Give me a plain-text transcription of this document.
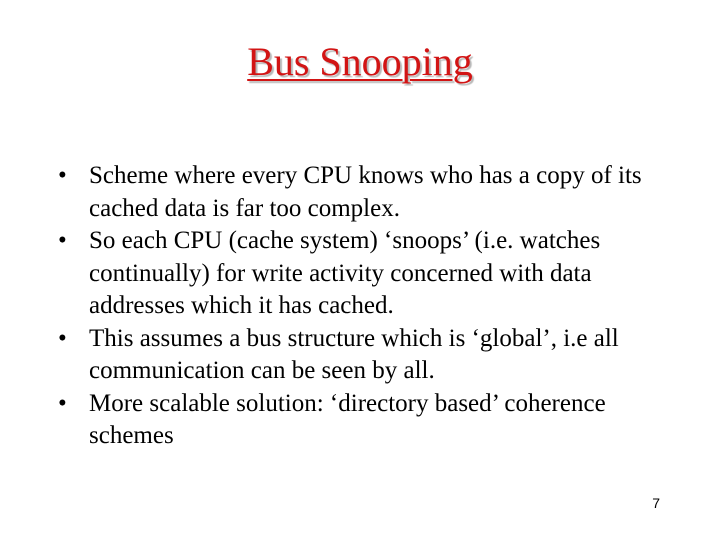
Bus Snooping
• Scheme where every CPU knows who has a copy of its cached data is far too complex.
• So each CPU (cache system) ‘snoops’ (i.e. watches continually) for write activity concerned with data addresses which it has cached.
• This assumes a bus structure which is ‘global’, i.e all communication can be seen by all.
• More scalable solution: ‘directory based’ coherence schemes
7
